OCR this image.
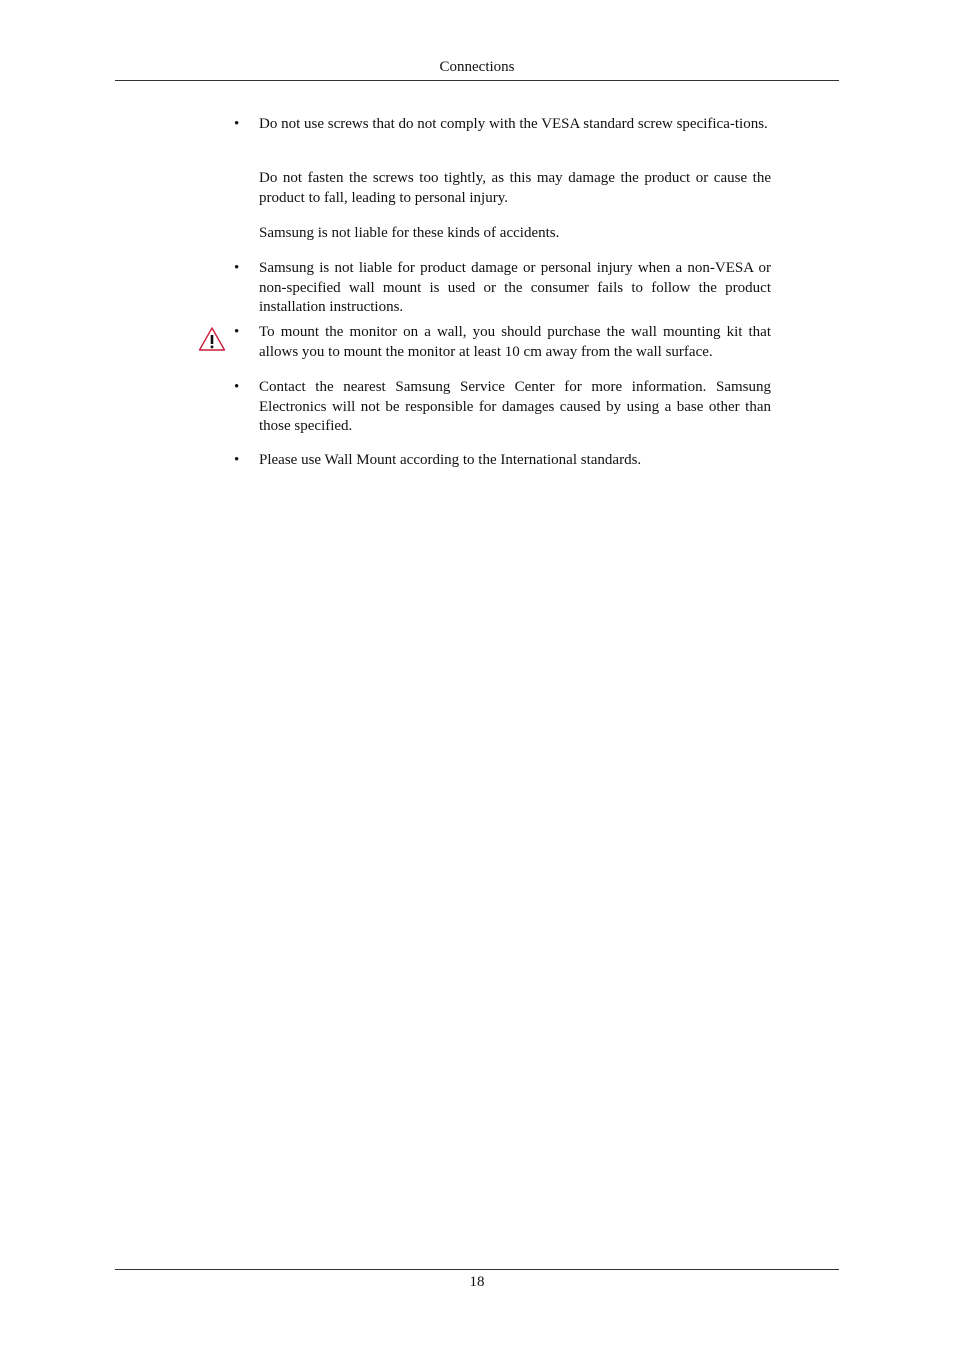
Connections
• Do not use screws that do not comply with the VESA standard screw specifica-tions.
Do not fasten the screws too tightly, as this may damage the product or cause the product to fall, leading to personal injury.
Samsung is not liable for these kinds of accidents.
• Samsung is not liable for product damage or personal injury when a non-VESA or non-specified wall mount is used or the consumer fails to follow the product installation instructions.
• To mount the monitor on a wall, you should purchase the wall mounting kit that allows you to mount the monitor at least 10 cm away from the wall surface.
• Contact the nearest Samsung Service Center for more information. Samsung Electronics will not be responsible for damages caused by using a base other than those specified.
• Please use Wall Mount according to the International standards.
18
